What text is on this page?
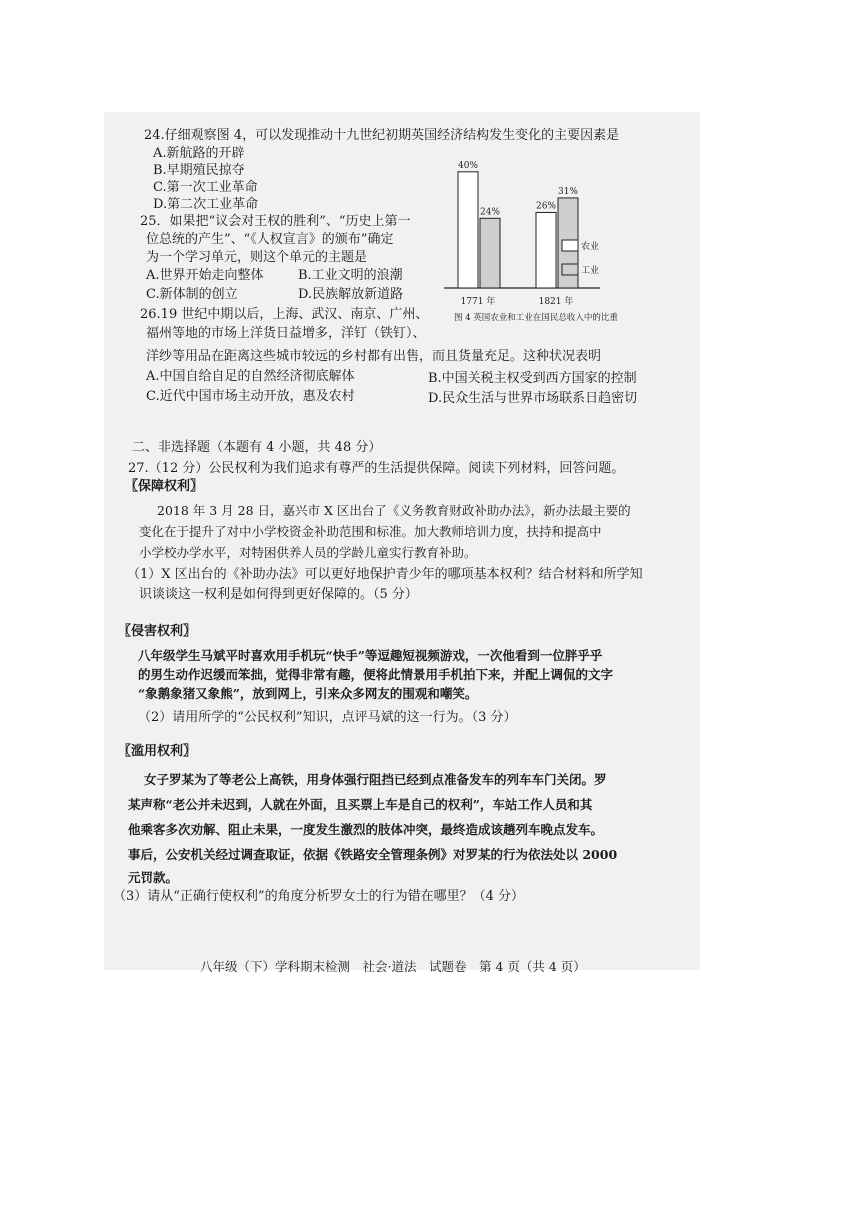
24.仔细观察图 4，可以发现推动十九世纪初期英国经济结构发生变化的主要因素是
A.新航路的开辟
B.早期殖民掠夺
C.第一次工业革命
D.第二次工业革命
25．如果把“议会对王权的胜利”、“历史上第一
位总统的产生”、“《人权宣言》的颁布”确定
为一个学习单元，则这个单元的主题是
A.世界开始走向整体	B.工业文明的浪潮
C.新体制的创立	D.民族解放新道路
40%
24%
1771 年
26%
31%
1821 年
农业
工业
图 4 英国农业和工业在国民总收入中的比重
26.19 世纪中期以后，上海、武汉、南京、广州、
福州等地的市场上洋货日益增多，洋钉（铁钉）、
洋纱等用品在距离这些城市较远的乡村都有出售，而且货量充足。这种状况表明
A.中国自给自足的自然经济彻底解体	B.中国关税主权受到西方国家的控制
C.近代中国市场主动开放，惠及农村	D.民众生活与世界市场联系日趋密切
二、非选择题（本题有 4 小题，共 48 分）
27.（12 分）公民权利为我们追求有尊严的生活提供保障。阅读下列材料，回答问题。
〖保障权利〗
2018 年 3 月 28 日，嘉兴市 X 区出台了《义务教育财政补助办法》，新办法最主要的
变化在于提升了对中小学校资金补助范围和标准。加大教师培训力度，扶持和提高中
小学校办学水平，对特困供养人员的学龄儿童实行教育补助。
（1）X 区出台的《补助办法》可以更好地保护青少年的哪项基本权利？结合材料和所学知
识谈谈这一权利是如何得到更好保障的。（5 分）
〖侵害权利〗
八年级学生马斌平时喜欢用手机玩“快手”等逗趣短视频游戏，一次他看到一位胖乎乎
的男生动作迟缓而笨拙，觉得非常有趣，便将此情景用手机拍下来，并配上调侃的文字
“象鹅象猪又象熊”，放到网上，引来众多网友的围观和嘲笑。
（2）请用所学的“公民权利”知识，点评马斌的这一行为。（3 分）
〖滥用权利〗
女子罗某为了等老公上高铁，用身体强行阻挡已经到点准备发车的列车车门关闭。罗
某声称“老公并未迟到，人就在外面，且买票上车是自己的权利”，车站工作人员和其
他乘客多次劝解、阻止未果，一度发生激烈的肢体冲突，最终造成该趟列车晚点发车。
事后，公安机关经过调查取证，依据《铁路安全管理条例》对罗某的行为依法处以 2000
元罚款。
（3）请从“正确行使权利”的角度分析罗女士的行为错在哪里？（4 分）
八年级（下）学科期末检测　社会·道法　试题卷　第 4 页（共 4 页）
